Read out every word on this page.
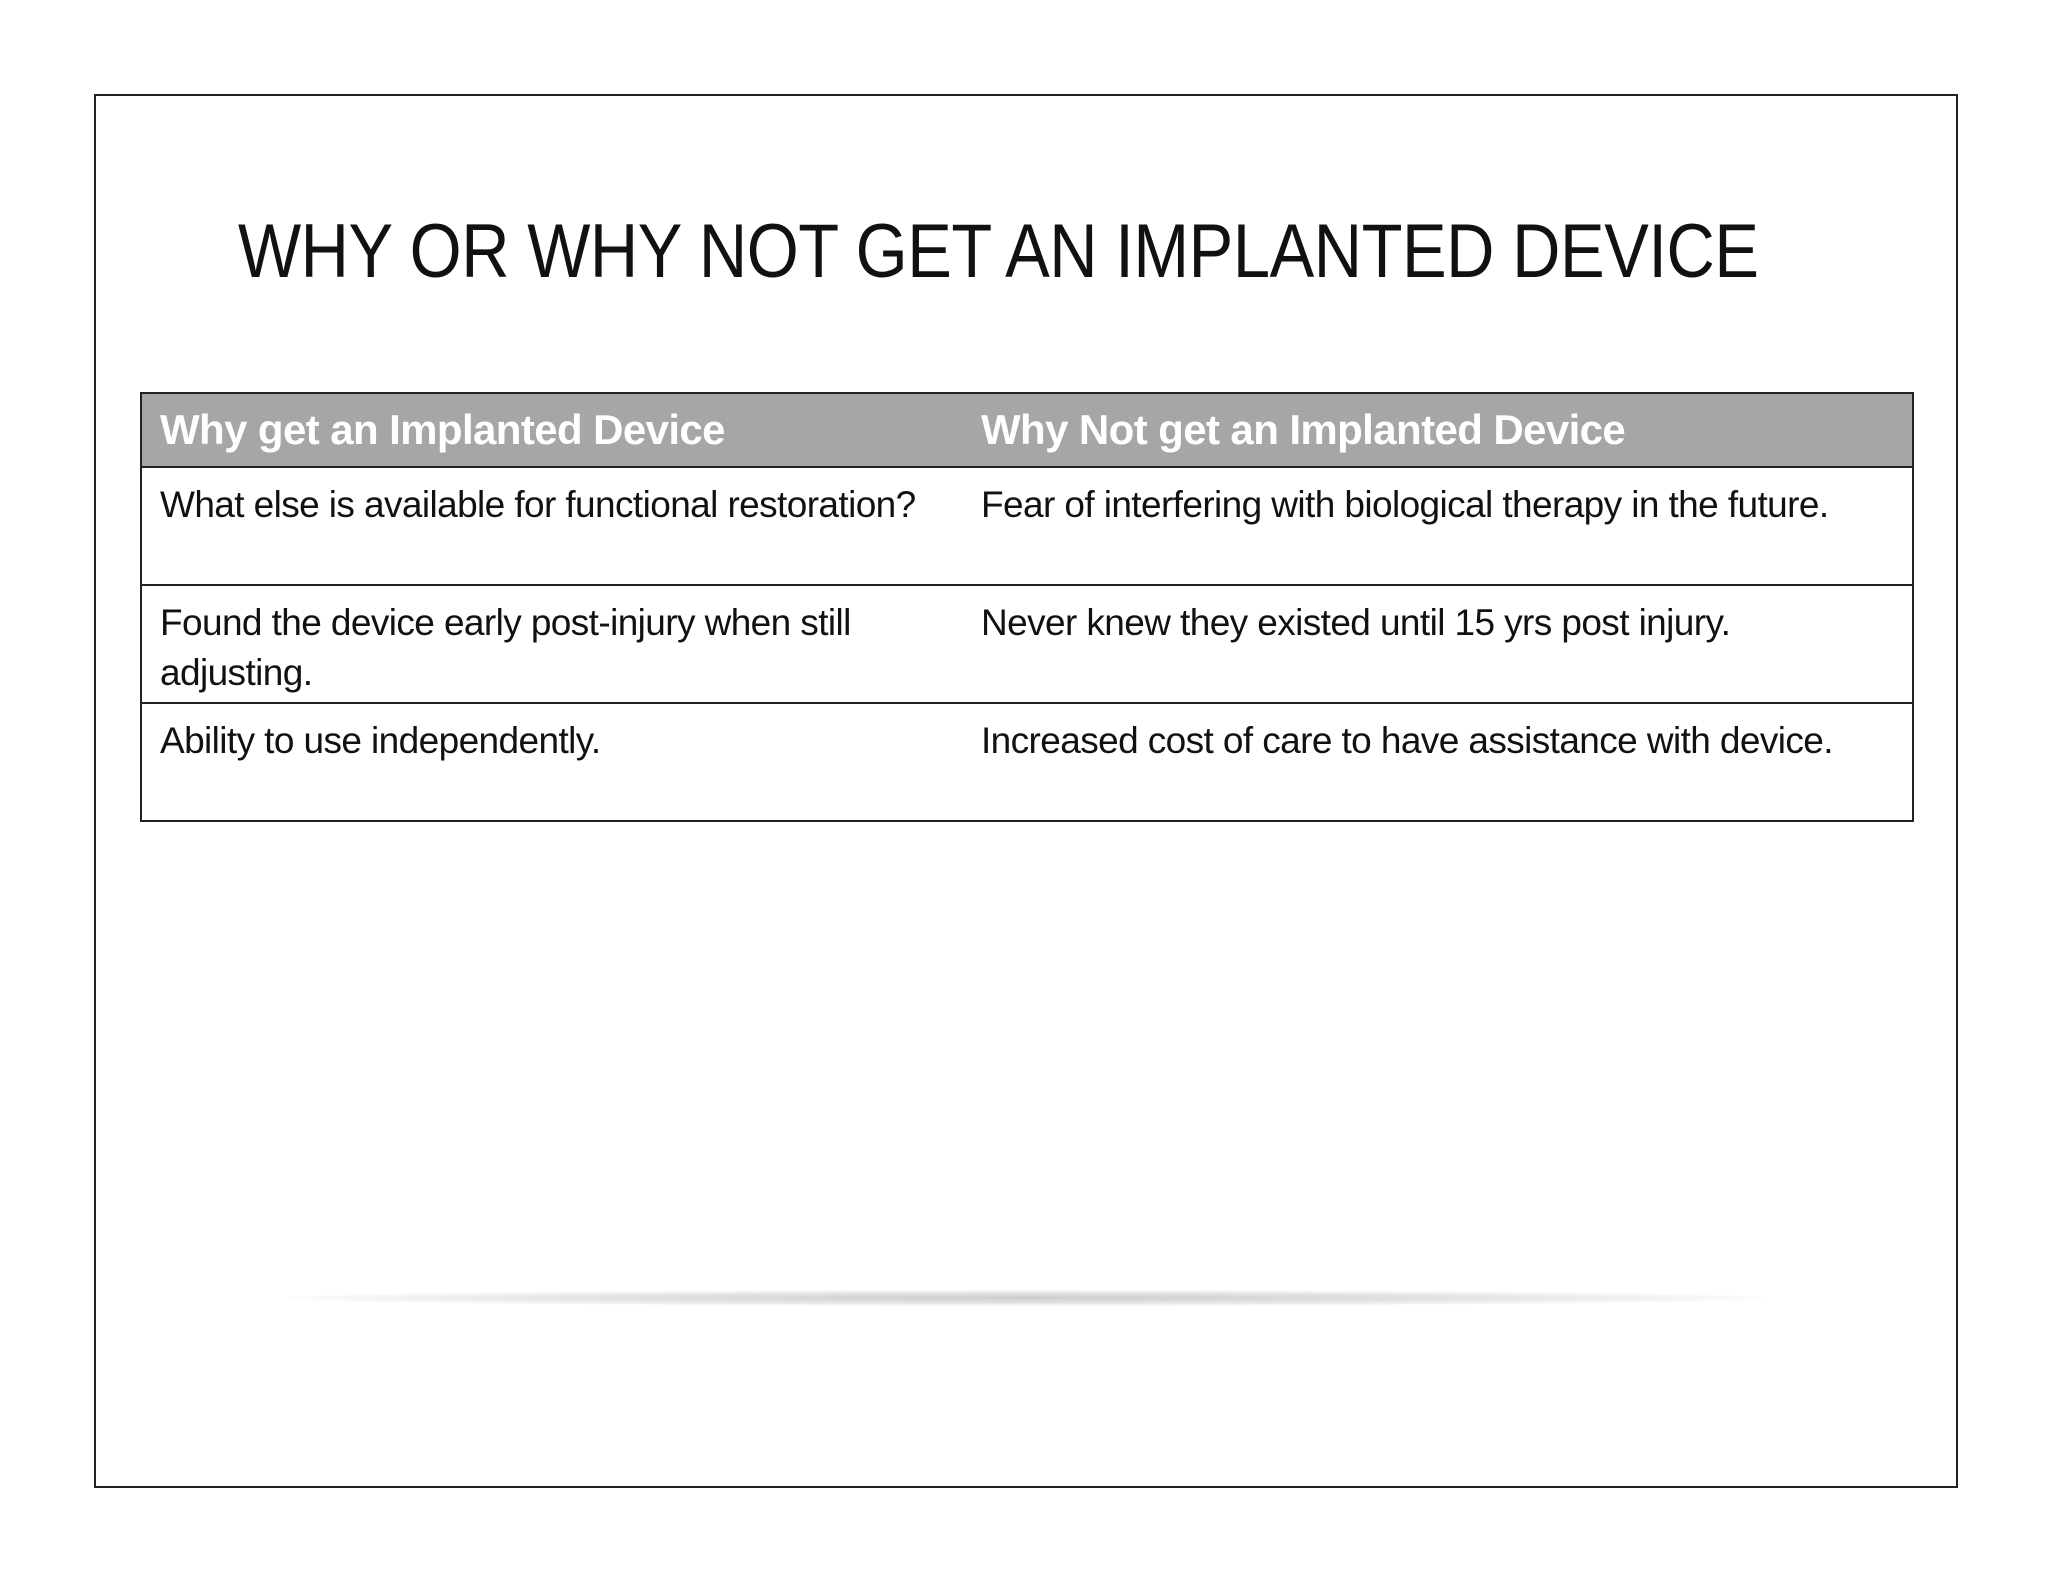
WHY OR WHY NOT GET AN IMPLANTED DEVICE
Why get an Implanted Device	Why Not get an Implanted Device

What else is available for functional restoration?	Fear of interfering with biological therapy in the future.

Found the device early post-injury when still adjusting.	Never knew they existed until 15 yrs post injury.

Ability to use independently.	Increased cost of care to have assistance with device.
